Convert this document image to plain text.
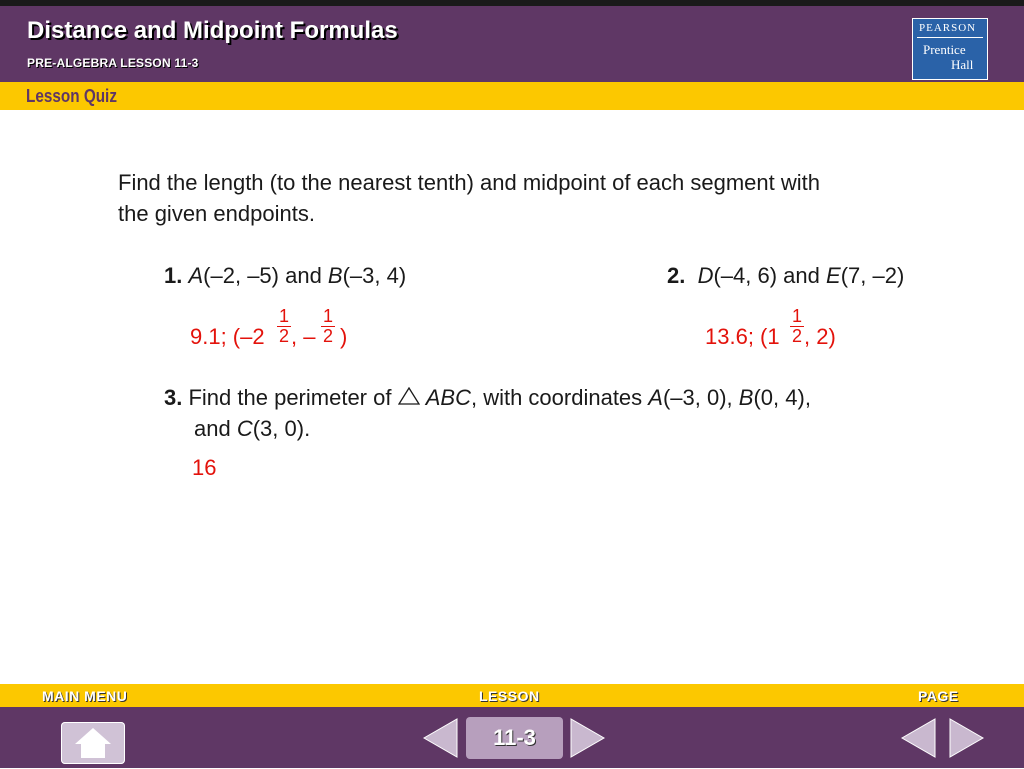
Distance and Midpoint Formulas
PRE-ALGEBRA LESSON 11-3
PEARSON
Prentice
Hall
Lesson Quiz
Find the length (to the nearest tenth) and midpoint of each segment with
the given endpoints.
1. A(–2, –5) and B(–3, 4)
9.1; (–2
1
2 , –
1
2 )
2. D(–4, 6) and E(7, –2)
13.6; (1
1
2 , 2)
3. Find the perimeter of  ABC, with coordinates A(–3, 0), B(0, 4),
and C(3, 0).
16
MAIN MENU	LESSON	PAGE
11-3
